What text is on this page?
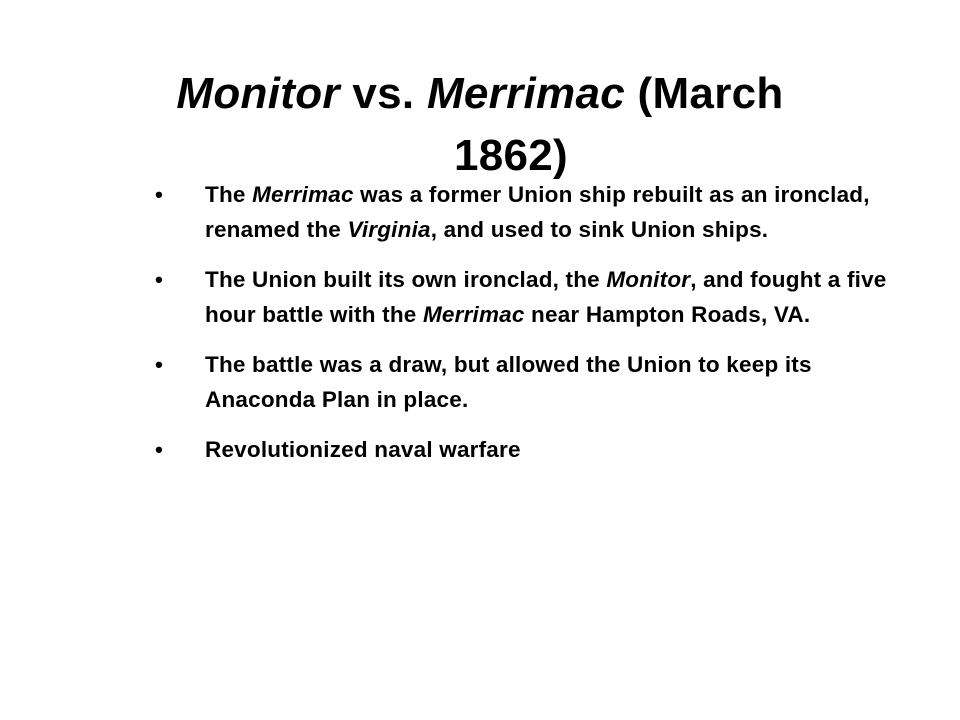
Monitor vs. Merrimac (March
1862)
•	The Merrimac was a former Union ship rebuilt as an ironclad, renamed the Virginia, and used to sink Union ships.
•	The Union built its own ironclad, the Monitor, and fought a five hour battle with the Merrimac near Hampton Roads, VA.
•	The battle was a draw, but allowed the Union to keep its Anaconda Plan in place.
•	Revolutionized naval warfare
